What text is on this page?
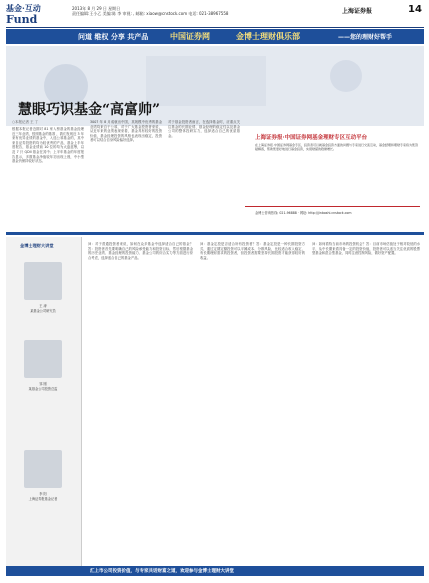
基金·互动
Fund
2013年 8 月 29 日 星期日
责任编辑:王小乙 美编:陈 李 审视: , 邮箱: xiaow@cnstock.com 电话: 021-38967558	上海证券报	14
问道 维权 分享 共产品	中国证券网	金博士理财俱乐部	——您的理财好帮手
慧眼巧识基金“高富帅”
○本报记者 王 丁
根据本报记者近期对 81 家入榜基金的基金经理近三年业绩，按照基金的基准 ，我们发现近 3 年来有优异业绩的基金中，入选公募基金的，其中来自证券投资的均为较优秀的产品，基金上半年度报告，基金业绩前 10 位的均为大盘蓝筹，以及 7 只 QDII 基金在其中；上半年基金的年度报告显示，多数基金净值较年初出现上涨，中小型基金仍保持较好状态。
3007 年 8 月成就出中国，其规模中优秀的基金业绩均来自于公募，对于广大基金投资者来说，从近年来的业绩表现来看，基金具有较好的投资价值，基金经理投资的风格也表现出稳定，投资者可以结合自身风险偏好选择。
对于基金投资者而言，在选择基金时，应重点关注基金的长期业绩、基金经理的稳定性以及基金公司的整体投研实力，选择适合自己的优质基金。	上海证券报·中国证券网基金理财专区互动平台
在上海证券报·中国证券网基金专区，投资者可以就基金投资方面的问题与专家进行交流互动，基金经理和理财专家将为您答疑解惑，帮助您更好地进行基金投资，实现财富的稳健增长。
金博士咨询热线: 021-96888 · 网址: http://jinboshi.cnstock.com
金博士理财大讲堂
王 涛
某基金公司研究员
邹 刚
某基金公司投资总监
李 阳
上海证券报基金记者
问：对于普通投资者来说，如何在众多基金中选择适合自己的基金？答：投资者首先要明确自己的风险承受能力和投资目标，然后根据基金的历史业绩、基金经理的投资能力、基金公司的综合实力等方面进行综合考虑，选择适合自己的基金产品。
问：基金定投是否适合所有投资者？答：基金定投是一种长期投资方式，通过定期定额投资可以平摊成本、分散风险，比较适合收入稳定、有长期理财需求的投资者，但投资者需要坚持长期投资才能获得较好的收益。
问：如何看待当前市场的投资机会？答：目前市场估值处于相对较低的水平，从中长期来看具备一定的投资价值，投资者可以适当关注优质的股票型基金和混合型基金，同时注意控制风险，做好资产配置。
汇上市公司投资价值，与专家共话财富之道，欢迎参与金博士理财大讲堂
